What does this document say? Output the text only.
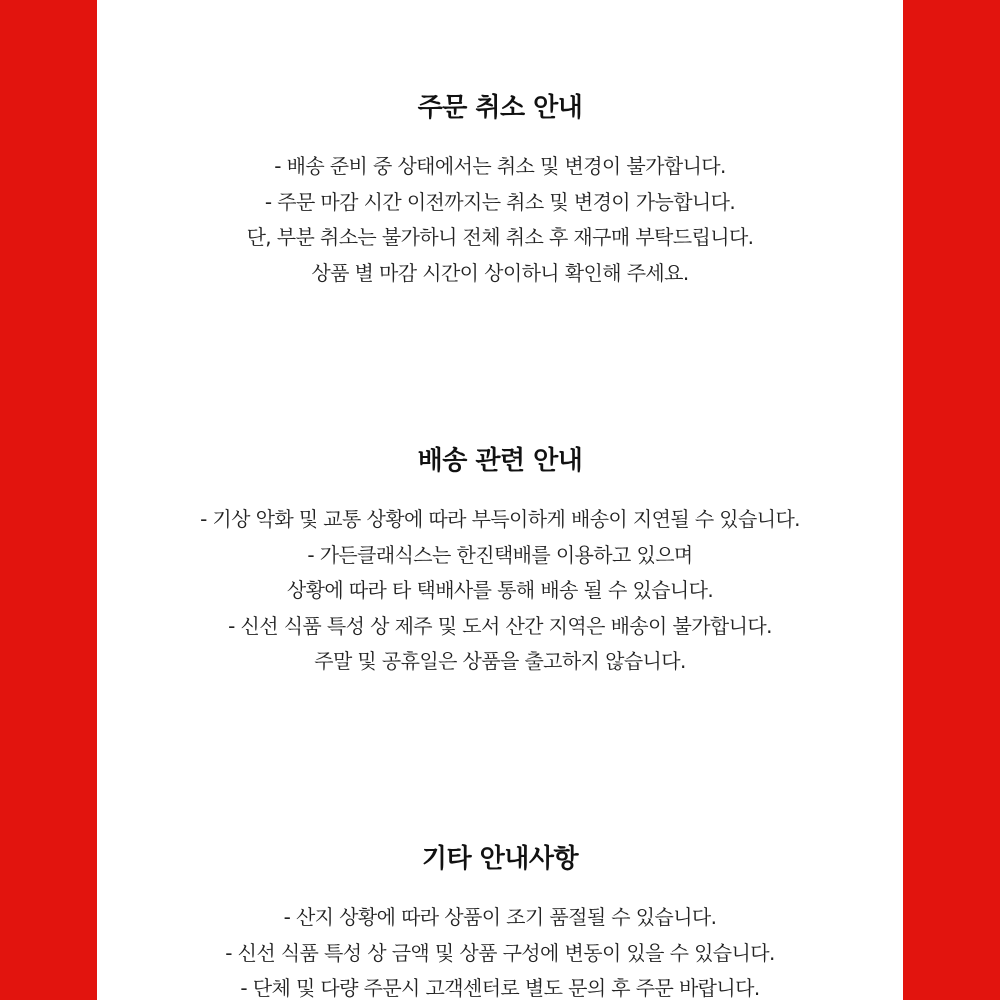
주문 취소 안내
- 배송 준비 중 상태에서는 취소 및 변경이 불가합니다.
- 주문 마감 시간 이전까지는 취소 및 변경이 가능합니다.
단, 부분 취소는 불가하니 전체 취소 후 재구매 부탁드립니다.
상품 별 마감 시간이 상이하니 확인해 주세요.
배송 관련 안내
- 기상 악화 및 교통 상황에 따라 부득이하게 배송이 지연될 수 있습니다.
- 가든클래식스는 한진택배를 이용하고 있으며
상황에 따라 타 택배사를 통해 배송 될 수 있습니다.
- 신선 식품 특성 상 제주 및 도서 산간 지역은 배송이 불가합니다.
주말 및 공휴일은 상품을 출고하지 않습니다.
기타 안내사항
- 산지 상황에 따라 상품이 조기 품절될 수 있습니다.
- 신선 식품 특성 상 금액 및 상품 구성에 변동이 있을 수 있습니다.
- 단체 및 다량 주문시 고객센터로 별도 문의 후 주문 바랍니다.
